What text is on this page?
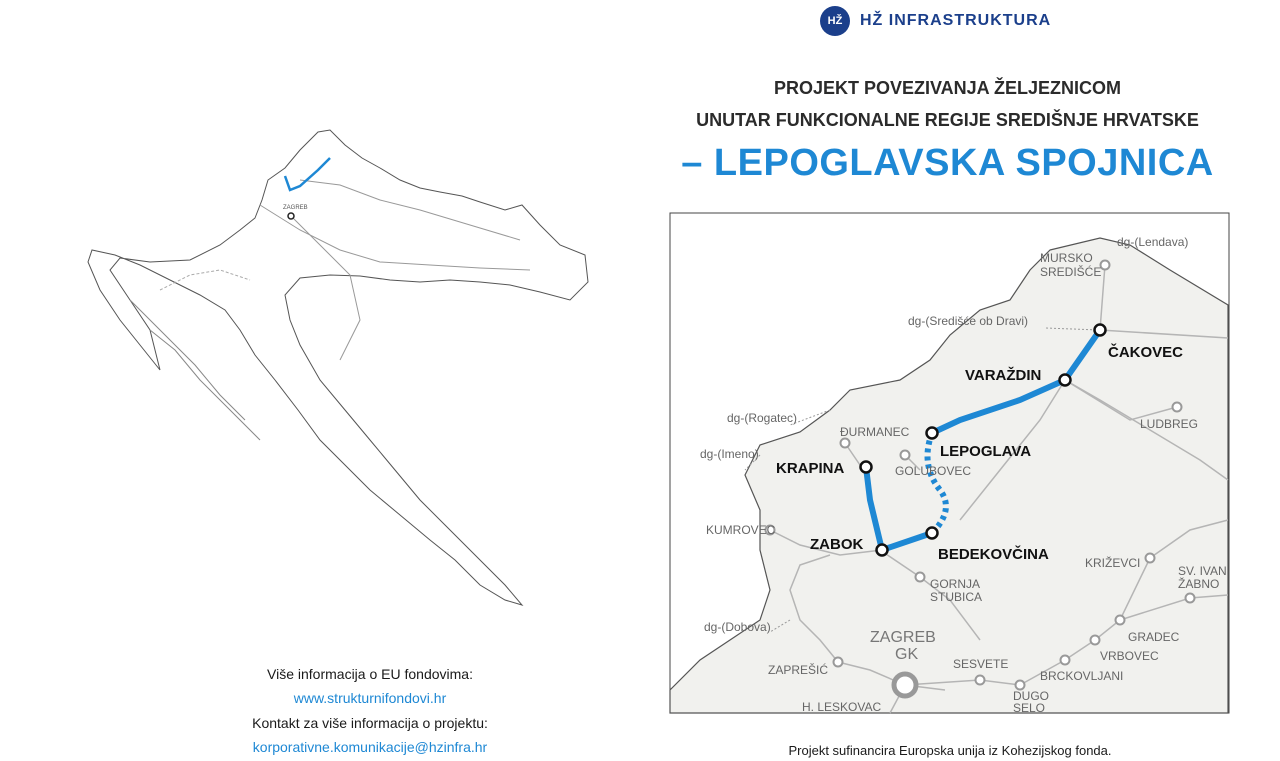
HŽ	HŽ INFRASTRUKTURA
PROJEKT POVEZIVANJA ŽELJEZNICOM
UNUTAR FUNKCIONALNE REGIJE SREDIŠNJE HRVATSKE
– LEPOGLAVSKA SPOJNICA
ZAGREB
ČAKOVEC
VARAŽDIN
LEPOGLAVA
KRAPINA
ZABOK
BEDEKOVČINA
MURSKO
SREDIŠĆE
LUDBREG
ĐURMANEC
GOLUBOVEC
KUMROVEC
KRIŽEVCI
SV. IVAN
ŽABNO
GORNJA
STUBICA
GRADEC
VRBOVEC
BRCKOVLJANI
SESVETE
DUGO
SELO
ZAPREŠIĆ
H. LESKOVAC
ZAGREB
GK
dg-(Lendava)
dg-(Središće ob Dravi)
dg-(Rogatec)
dg-(Imeno)
dg-(Dobova)
Više informacija o EU fondovima:
www.strukturnifondovi.hr
Kontakt za više informacija o projektu:
korporativne.komunikacije@hzinfra.hr	Projekt sufinancira Europska unija iz Kohezijskog fonda.
